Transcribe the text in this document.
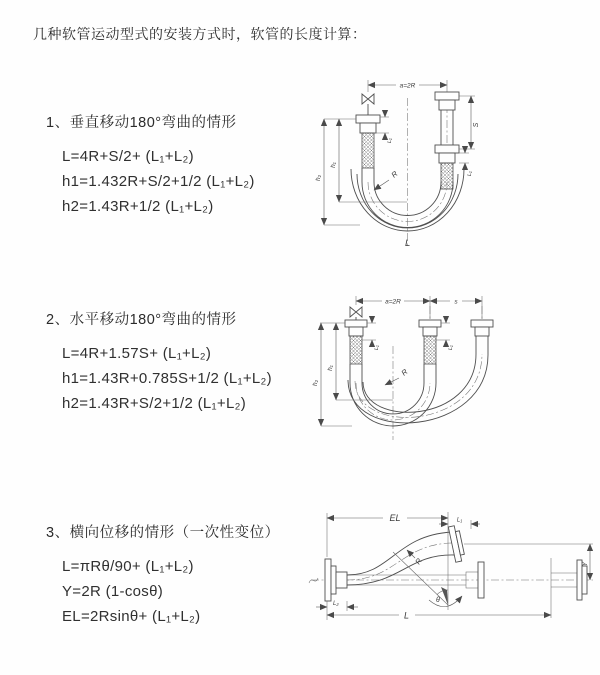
几种软管运动型式的安装方式时，软管的长度计算：
1、垂直移动180°弯曲的情形
L=4R+S/2+ (L₁+L₂)
h1=1.432R+S/2+1/2 (L₁+L₂)
h2=1.43R+1/2 (L₁+L₂)
2、水平移动180°弯曲的情形
L=4R+1.57S+ (L₁+L₂)
h1=1.43R+0.785S+1/2 (L₁+L₂)
h2=1.43R+S/2+1/2 (L₁+L₂)
3、横向位移的情形（一次性变位）
L=πRθ/90+ (L₁+L₂)
Y=2R (1-cosθ)
EL=2Rsinθ+ (L₁+L₂)
a=2R
S
L₁
L₁
h₁
h₂	R
L
a=2R	s
L₁	L₁
h₁
h₂
R
EL	L₁
Y
R
θ
L
L₂
